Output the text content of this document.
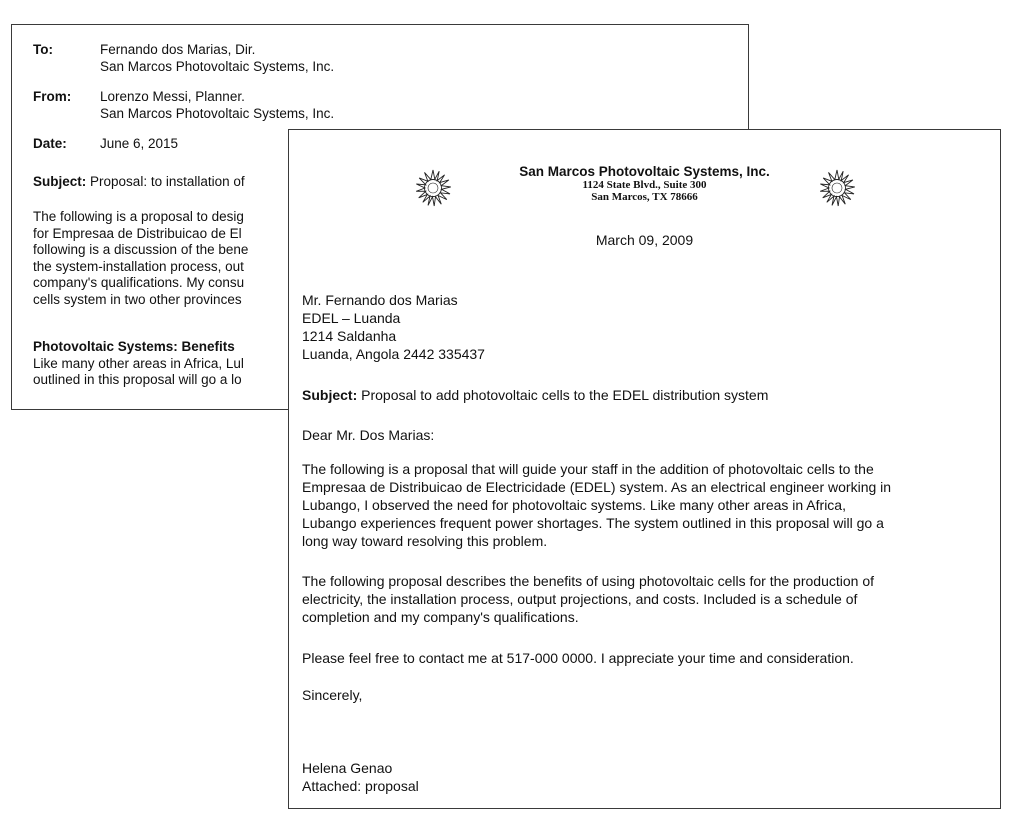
To:	Fernando dos Marias, Dir.
San Marcos Photovoltaic Systems, Inc.
From: Lorenzo Messi, Planner.
San Marcos Photovoltaic Systems, Inc.
Date: June 6, 2015
Subject: Proposal: to installation of
The following is a proposal to desig
for Empresaa de Distribuicao de El
following is a discussion of the bene
the system-installation process, out
company's qualifications. My consu
cells system in two other provinces
Photovoltaic Systems: Benefits
Like many other areas in Africa, Lul
outlined in this proposal will go a lo
San Marcos Photovoltaic Systems, Inc.
1124 State Blvd., Suite 300
San Marcos, TX 78666
March 09, 2009
Mr. Fernando dos Marias
EDEL – Luanda
1214 Saldanha
Luanda, Angola 2442 335437
Subject: Proposal to add photovoltaic cells to the EDEL distribution system
Dear Mr. Dos Marias:
The following is a proposal that will guide your staff in the addition of photovoltaic cells to the
Empresaa de Distribuicao de Electricidade (EDEL) system. As an electrical engineer working in
Lubango, I observed the need for photovoltaic systems. Like many other areas in Africa,
Lubango experiences frequent power shortages. The system outlined in this proposal will go a
long way toward resolving this problem.
The following proposal describes the benefits of using photovoltaic cells for the production of
electricity, the installation process, output projections, and costs. Included is a schedule of
completion and my company's qualifications.
Please feel free to contact me at 517-000 0000. I appreciate your time and consideration.
Sincerely,
Helena Genao
Attached: proposal
